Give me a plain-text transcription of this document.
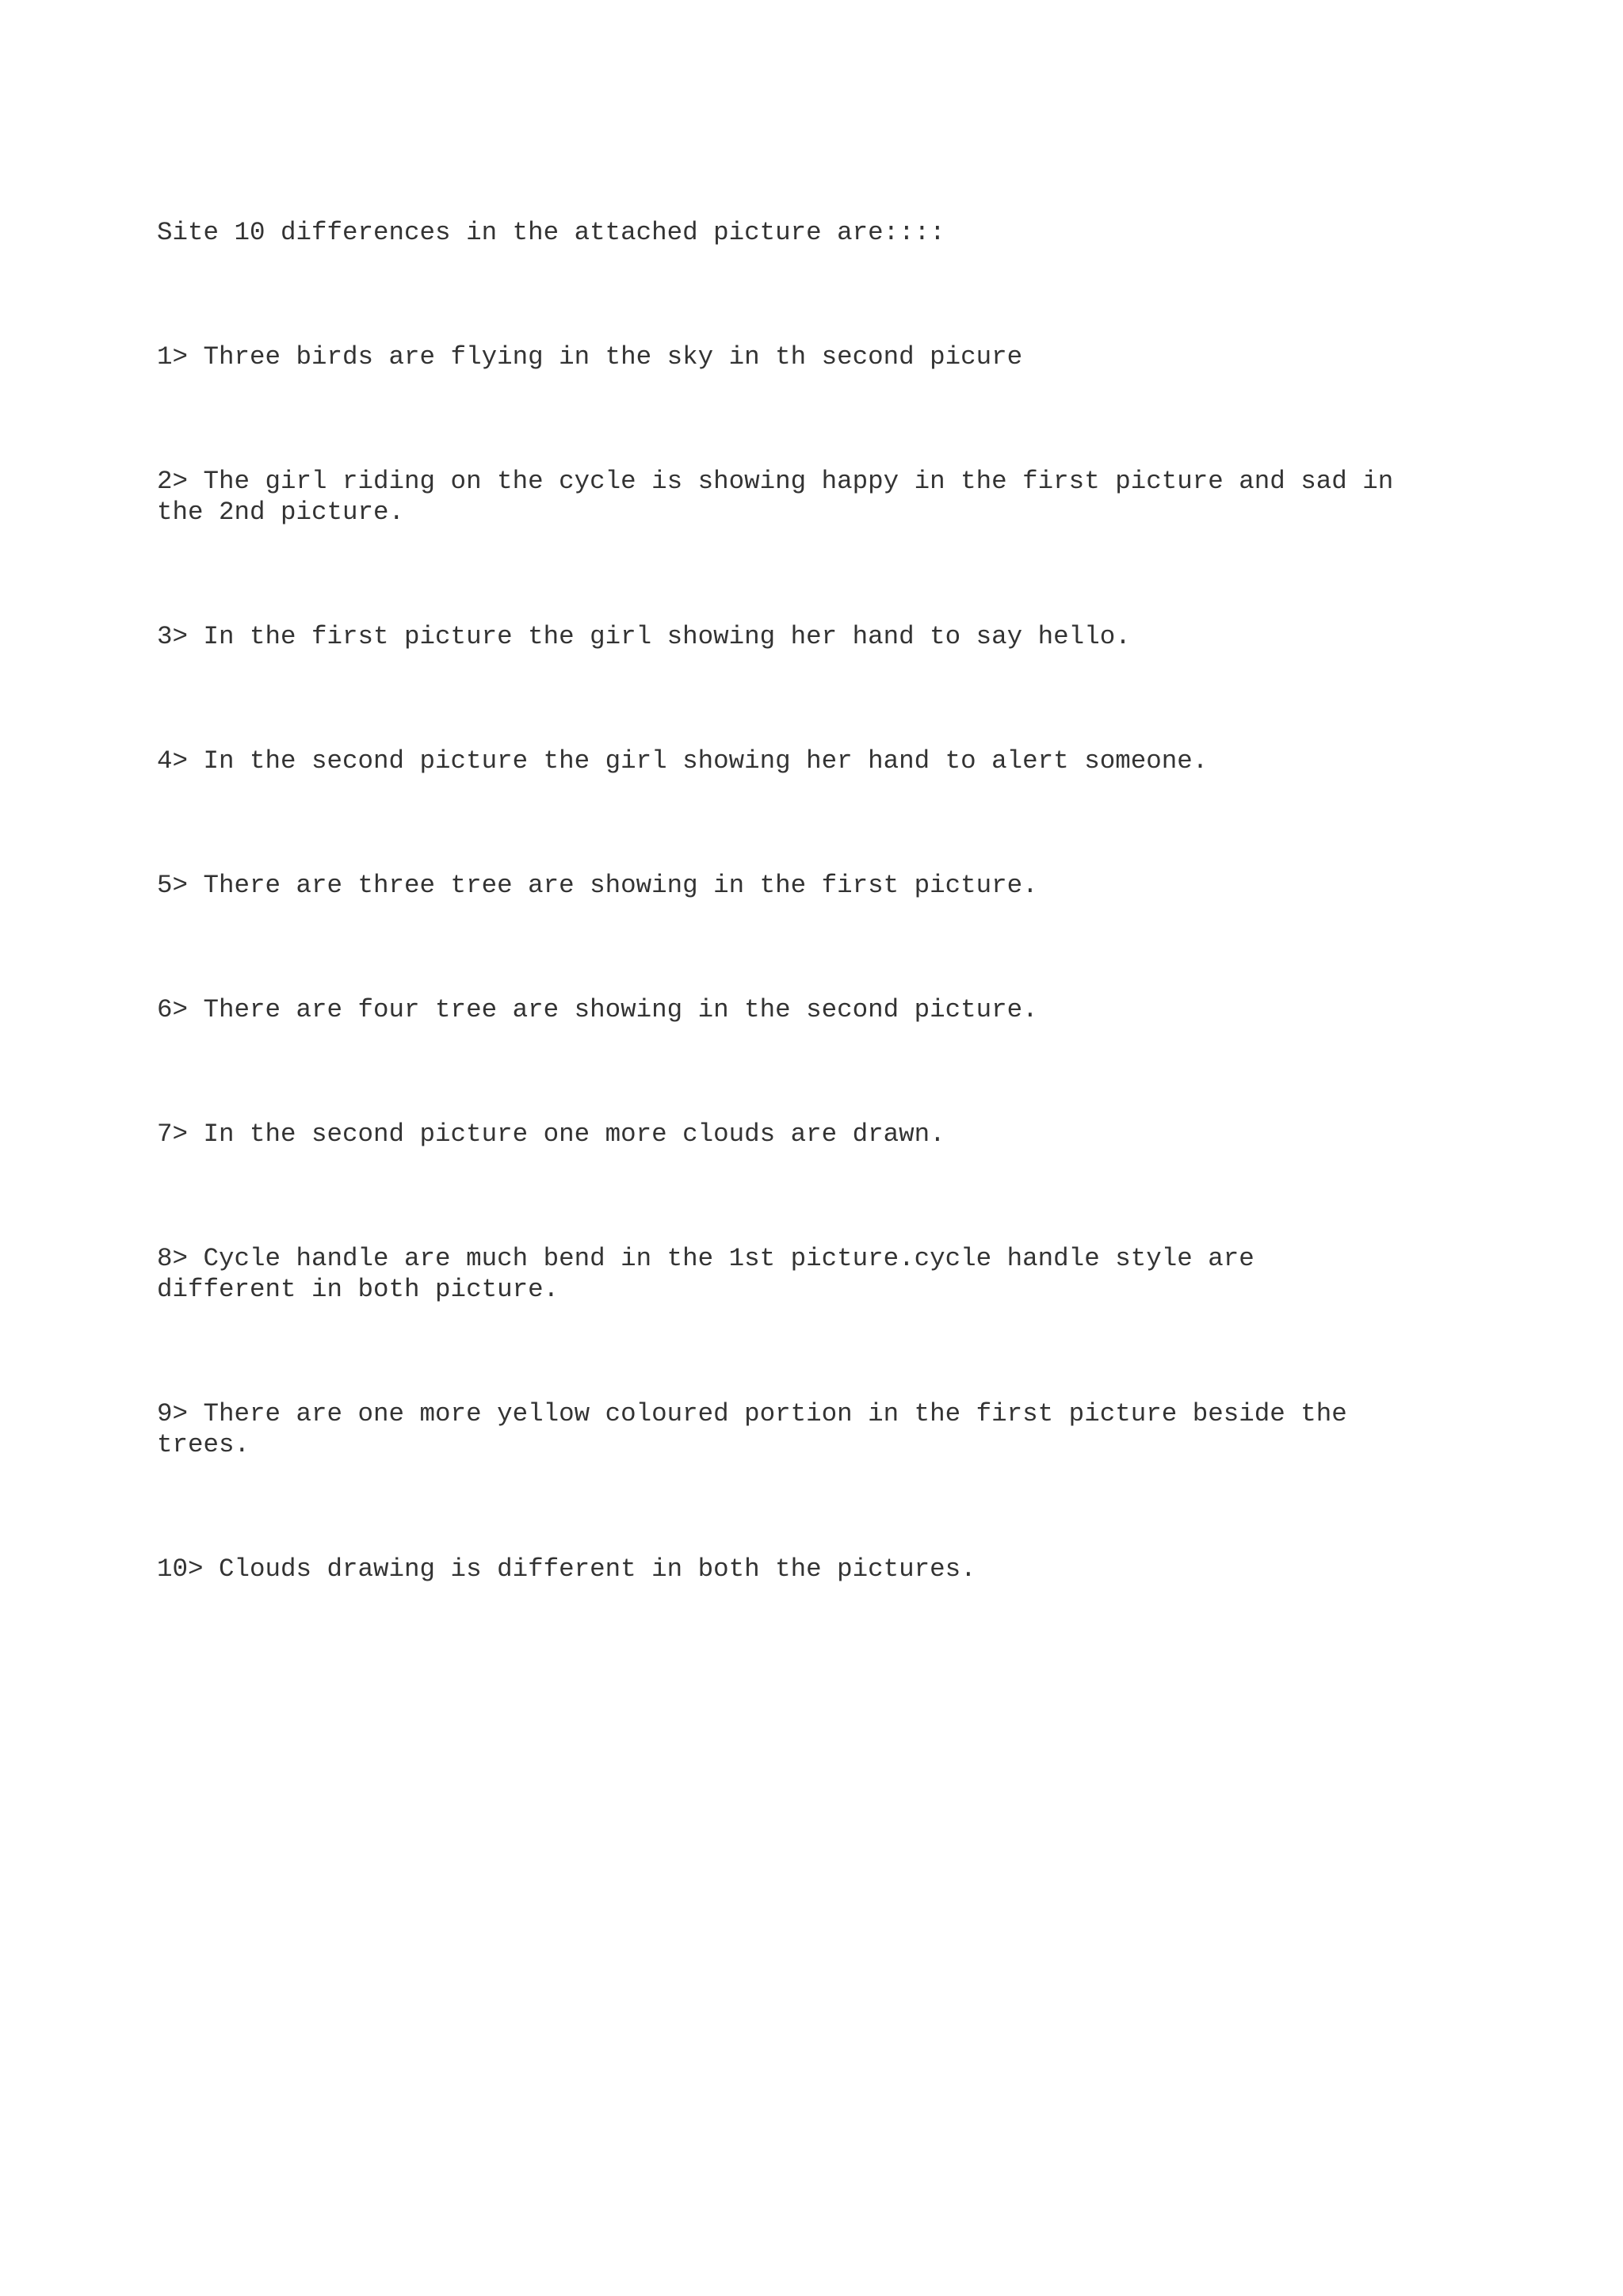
Site 10 differences in the attached picture are::::

1> Three birds are flying in the sky in th second picure

2> The girl riding on the cycle is showing happy in the first picture and sad in
the 2nd picture.

3> In the first picture the girl showing her hand to say hello.

4> In the second picture the girl showing her hand to alert someone.

5> There are three tree are showing in the first picture.

6> There are four tree are showing in the second picture.

7> In the second picture one more clouds are drawn.

8> Cycle handle are much bend in the 1st picture.cycle handle style are
different in both picture.

9> There are one more yellow coloured portion in the first picture beside the
trees.

10> Clouds drawing is different in both the pictures.
